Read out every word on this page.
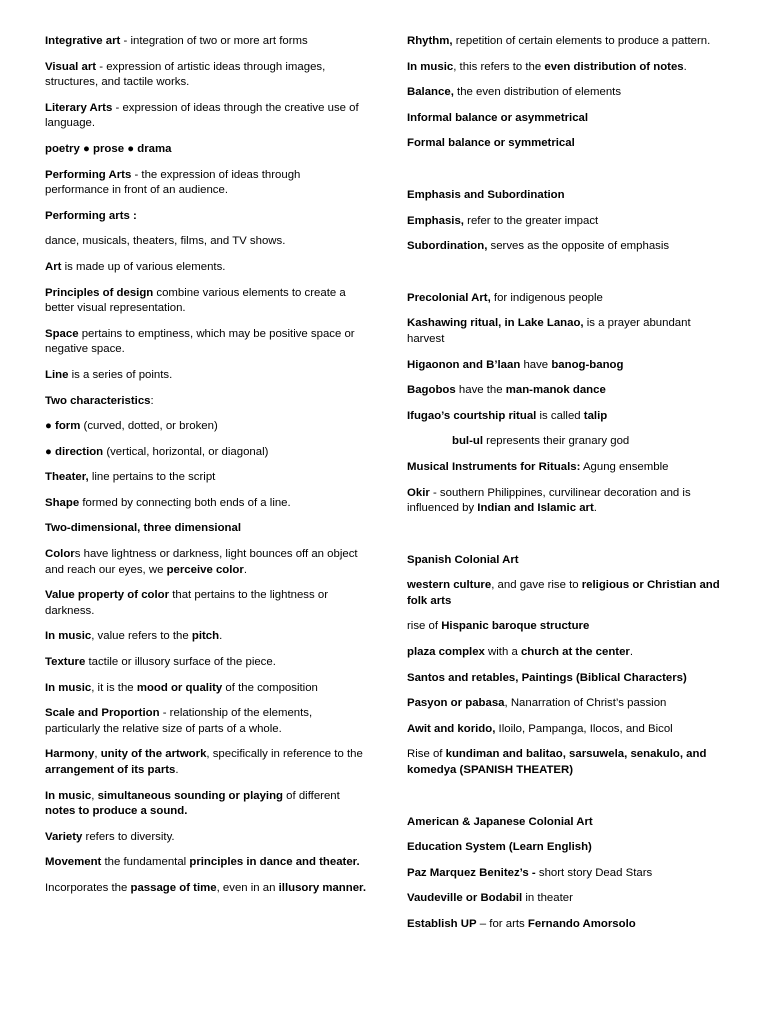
Integrative art - integration of two or more art forms

Visual art - expression of artistic ideas through images, structures, and tactile works.

Literary Arts - expression of ideas through the creative use of language.

poetry ● prose ● drama

Performing Arts - the expression of ideas through performance in front of an audience.

Performing arts :

dance, musicals, theaters, films, and TV shows.

Art is made up of various elements.

Principles of design combine various elements to create a better visual representation.

Space pertains to emptiness, which may be positive space or negative space.

Line is a series of points.

Two characteristics:

● form (curved, dotted, or broken)

● direction (vertical, horizontal, or diagonal)

Theater, line pertains to the script

Shape formed by connecting both ends of a line.

Two-dimensional, three dimensional

Colors have lightness or darkness, light bounces off an object and reach our eyes, we perceive color.

Value property of color that pertains to the lightness or darkness.

In music, value refers to the pitch.

Texture tactile or illusory surface of the piece.

In music, it is the mood or quality of the composition

Scale and Proportion - relationship of the elements, particularly the relative size of parts of a whole.

Harmony, unity of the artwork, specifically in reference to the arrangement of its parts.

In music, simultaneous sounding or playing of different notes to produce a sound.

Variety refers to diversity.

Movement the fundamental principles in dance and theater.

Incorporates the passage of time, even in an illusory manner.

Rhythm, repetition of certain elements to produce a pattern.

In music, this refers to the even distribution of notes.

Balance, the even distribution of elements

Informal balance or asymmetrical

Formal balance or symmetrical

Emphasis and Subordination

Emphasis, refer to the greater impact

Subordination, serves as the opposite of emphasis

Precolonial Art, for indigenous people

Kashawing ritual, in Lake Lanao, is a prayer abundant harvest

Higaonon and B’laan have banog-banog

Bagobos have the man-manok dance

Ifugao’s courtship ritual is called talip

bul-ul represents their granary god

Musical Instruments for Rituals: Agung ensemble

Okir - southern Philippines, curvilinear decoration and is influenced by Indian and Islamic art.

Spanish Colonial Art

western culture, and gave rise to religious or Christian and folk arts

rise of Hispanic baroque structure

plaza complex with a church at the center.

Santos and retables, Paintings (Biblical Characters)

Pasyon or pabasa, Nanarration of Christ’s passion

Awit and korido, Iloilo, Pampanga, Ilocos, and Bicol

Rise of kundiman and balitao, sarsuwela, senakulo, and komedya (SPANISH THEATER)

American & Japanese Colonial Art

Education System (Learn English)

Paz Marquez Benitez’s - short story Dead Stars

Vaudeville or Bodabil in theater

Establish UP – for arts Fernando Amorsolo
